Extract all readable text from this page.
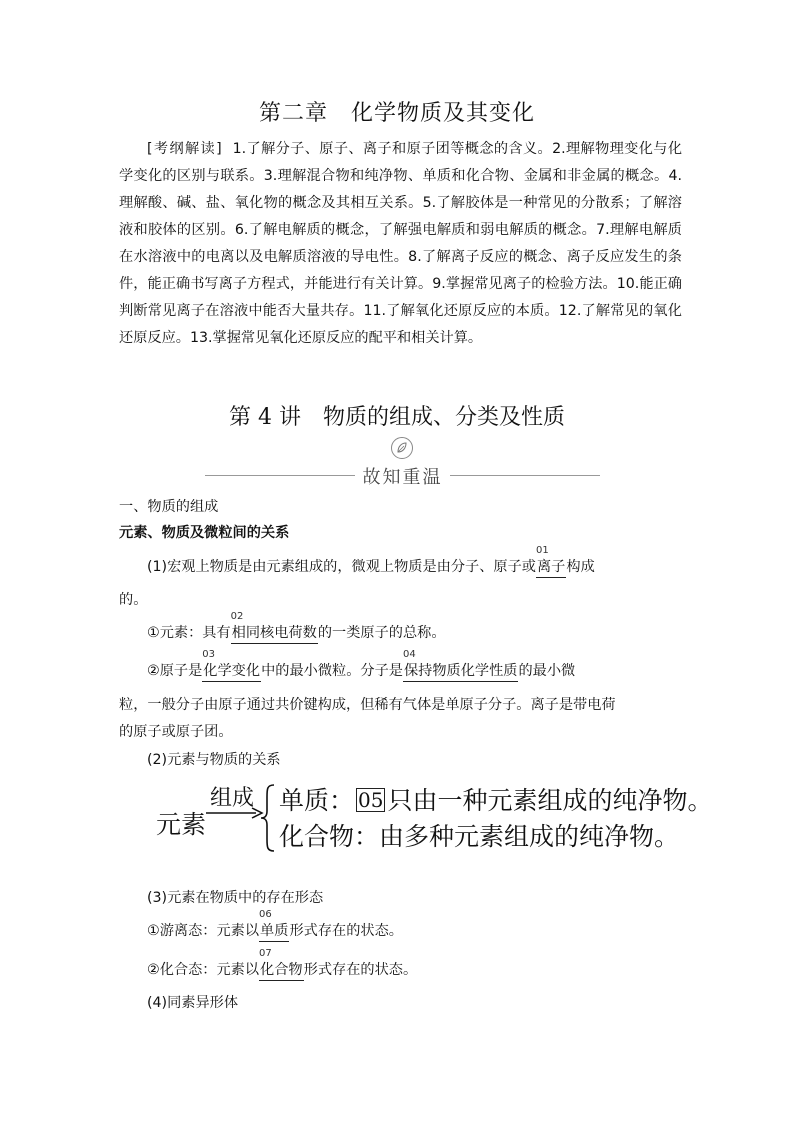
第二章　化学物质及其变化
[考纲解读] 1.了解分子、原子、离子和原子团等概念的含义。2.理解物理变化与化学变化的区别与联系。3.理解混合物和纯净物、单质和化合物、金属和非金属的概念。4.理解酸、碱、盐、氧化物的概念及其相互关系。5.了解胶体是一种常见的分散系；了解溶液和胶体的区别。6.了解电解质的概念，了解强电解质和弱电解质的概念。7.理解电解质在水溶液中的电离以及电解质溶液的导电性。8.了解离子反应的概念、离子反应发生的条件，能正确书写离子方程式，并能进行有关计算。9.掌握常见离子的检验方法。10.能正确判断常见离子在溶液中能否大量共存。11.了解氧化还原反应的本质。12.了解常见的氧化还原反应。13.掌握常见氧化还原反应的配平和相关计算。
第 4 讲　物质的组成、分类及性质
故知重温
一、物质的组成
元素、物质及微粒间的关系
(1)宏观上物质是由元素组成的，微观上物质是由分子、原子或
01
离子构成
的。
①元素：具有
02
相同核电荷数的一类原子的总称。
②原子是
03
化学变化中的最小微粒。分子是
04
保持物质化学性质的最小微
粒，一般分子由原子通过共价键构成，但稀有气体是单原子分子。离子是带电荷
的原子或原子团。
(2)元素与物质的关系
元素
组成 单质： 05 只由一种元素组成的纯净物。
化合物：由多种元素组成的纯净物。
(3)元素在物质中的存在形态
①游离态：元素以
06
单质形式存在的状态。
②化合态：元素以
07
化合物形式存在的状态。
(4)同素异形体
